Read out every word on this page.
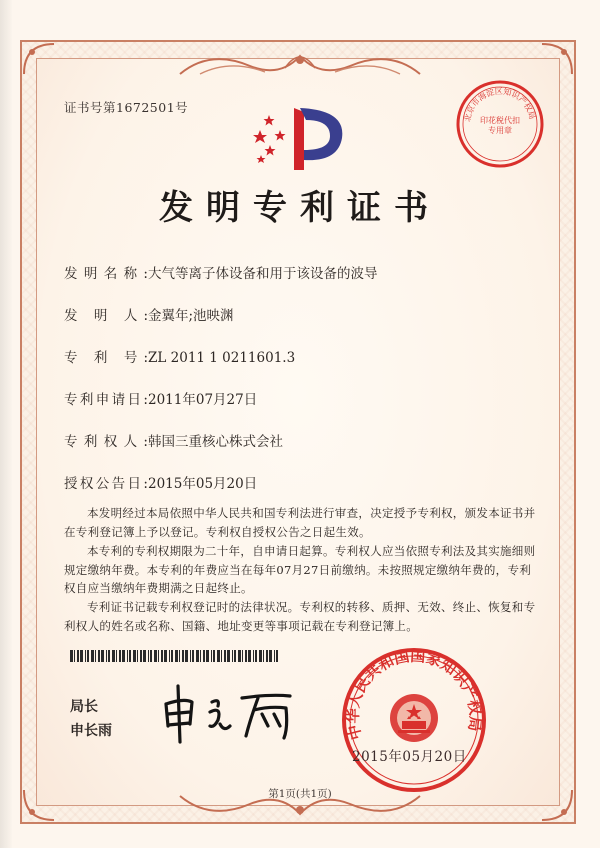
证书号第1672501号
北京市海淀区知识产权局
印花税代扣专用章
发明专利证书
发明名称:大气等离子体设备和用于该设备的波导
发 明 人:金翼年;池映渊
专 利 号:ZL 2011 1 0211601.3
专利申请日:2011年07月27日
专利权人:韩国三重核心株式会社
授权公告日:2015年05月20日
本发明经过本局依照中华人民共和国专利法进行审查，决定授予专利权，颁发本证书并在专利登记簿上予以登记。专利权自授权公告之日起生效。
本专利的专利权期限为二十年，自申请日起算。专利权人应当依照专利法及其实施细则规定缴纳年费。本专利的年费应当在每年07月27日前缴纳。未按照规定缴纳年费的，专利权自应当缴纳年费期满之日起终止。
专利证书记载专利权登记时的法律状况。专利权的转移、质押、无效、终止、恢复和专利权人的姓名或名称、国籍、地址变更等事项记载在专利登记簿上。
局长
申长雨	中华人民共和国国家知识产权局
2015年05月20日
第1页(共1页)
